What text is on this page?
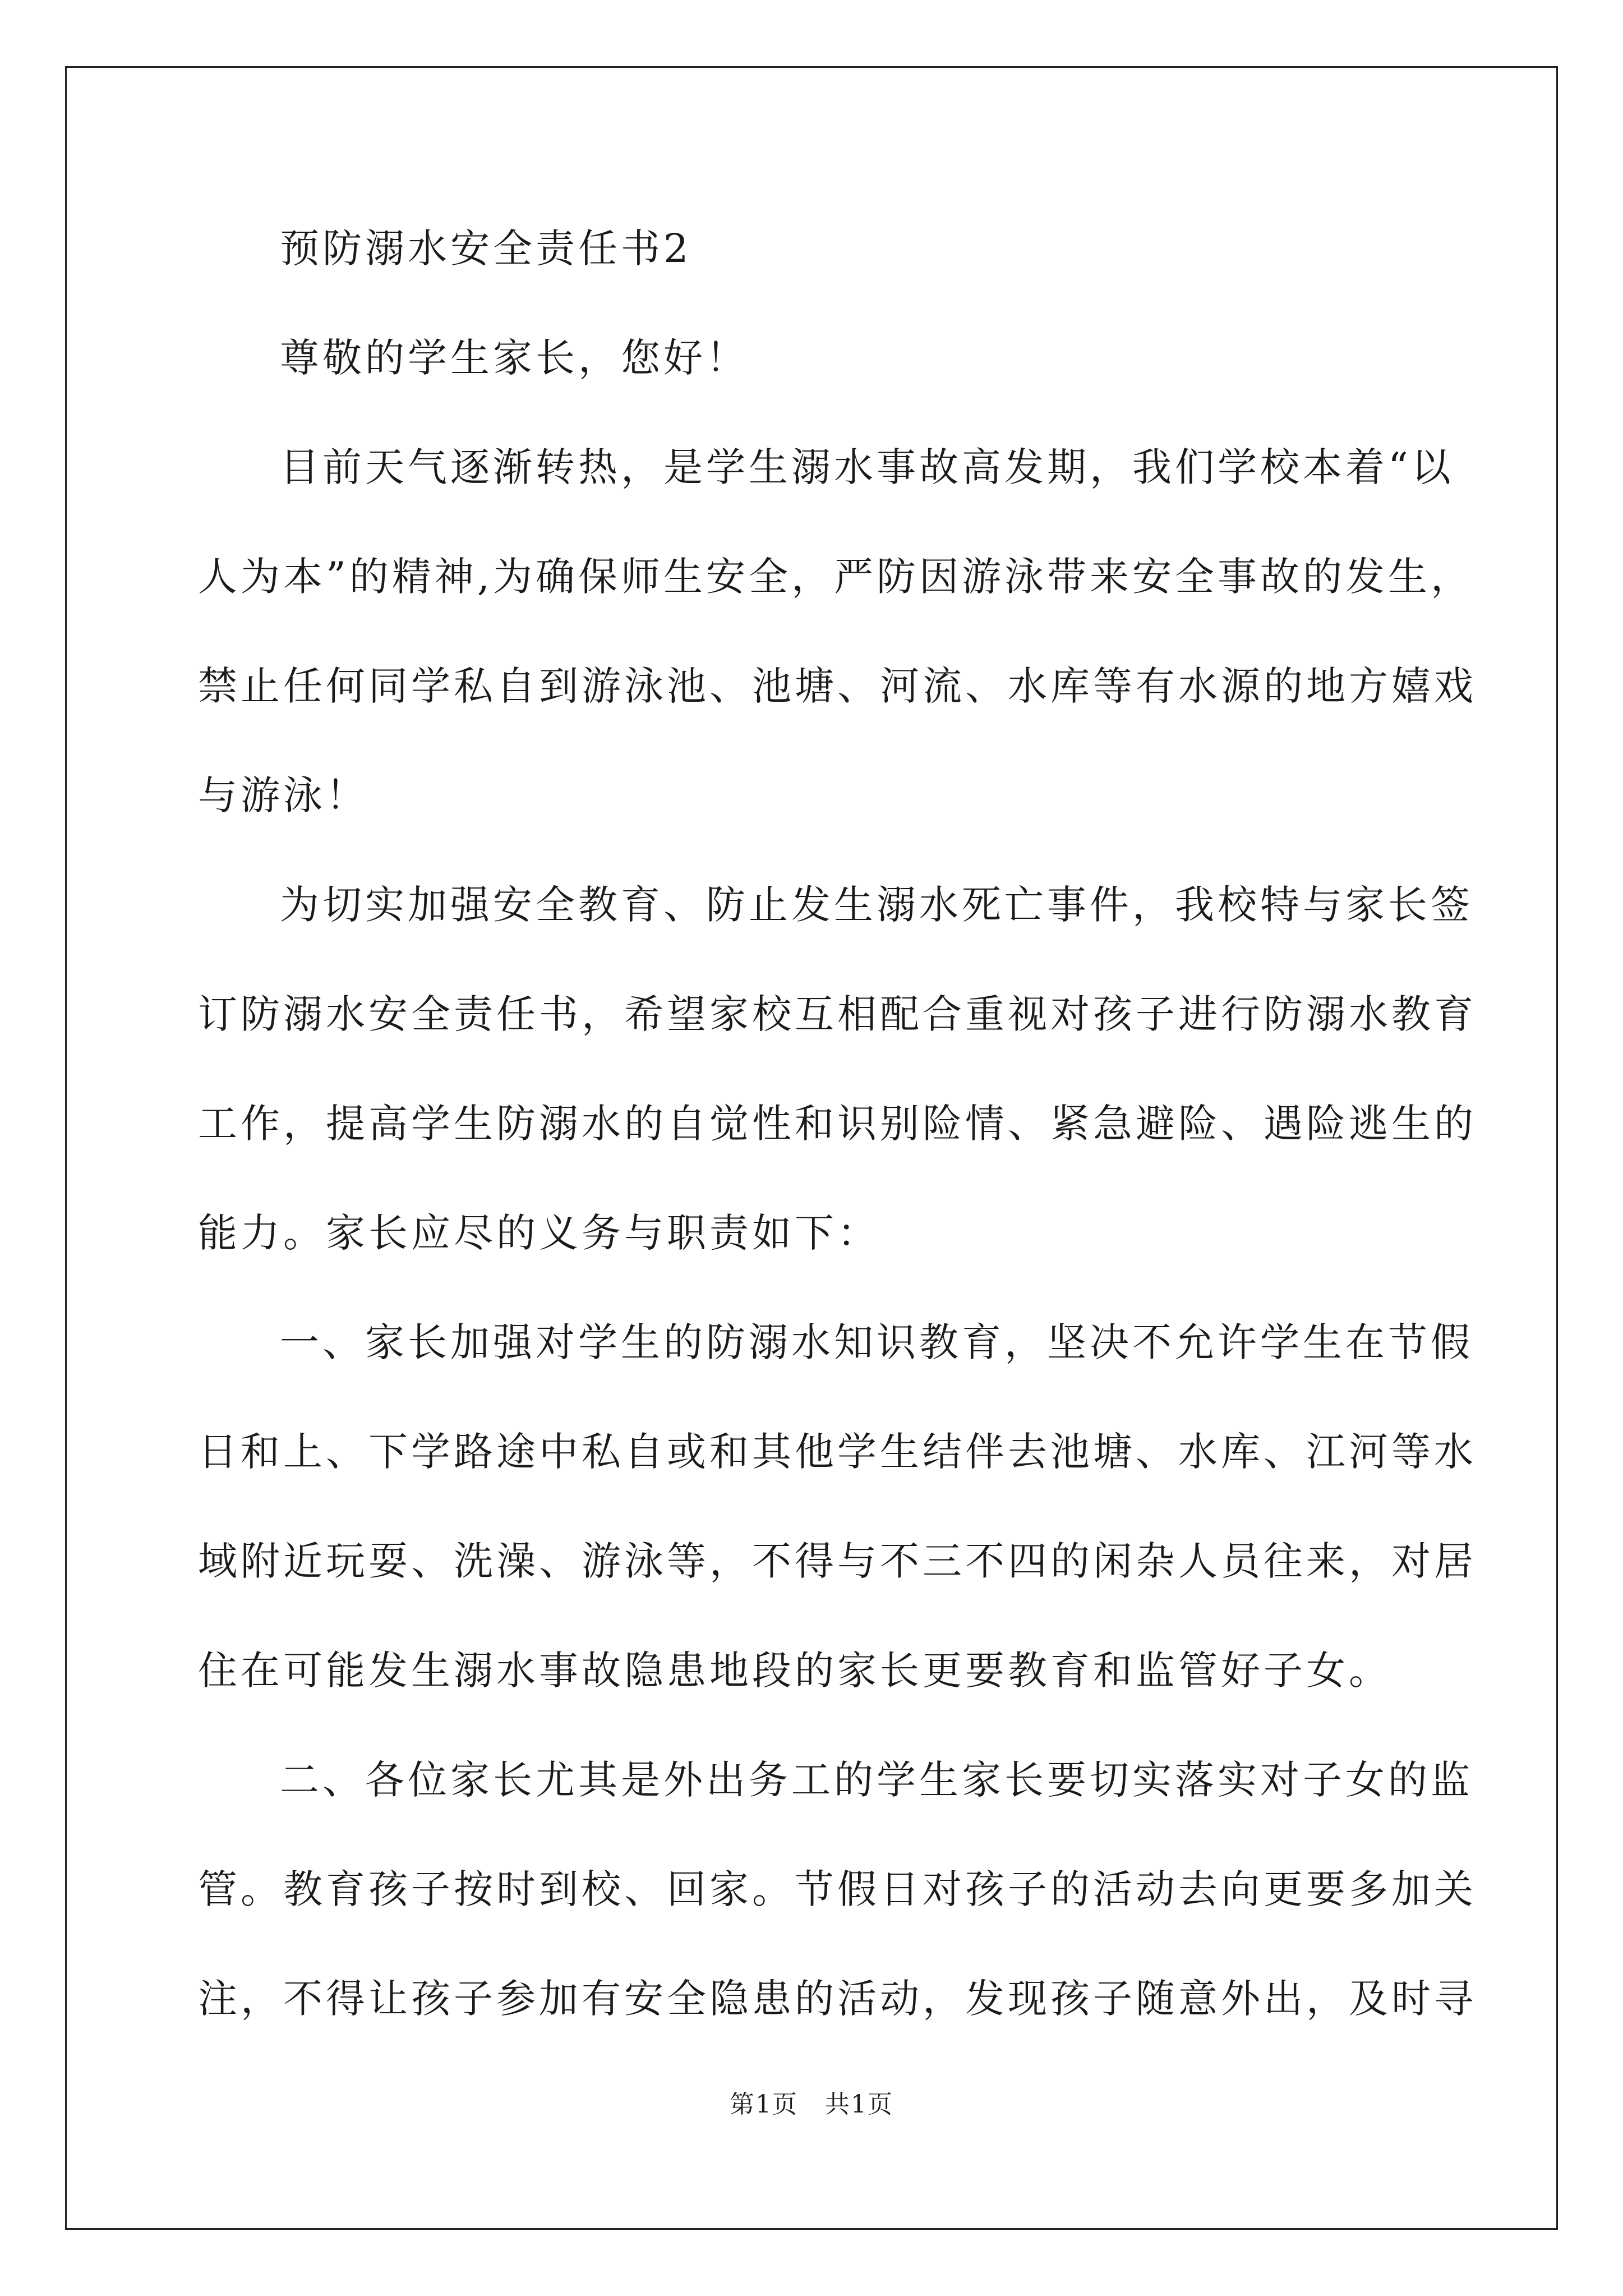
预防溺水安全责任书2
尊敬的学生家长，您好！
目前天气逐渐转热，是学生溺水事故高发期，我们学校本着“以
人为本”的精神,为确保师生安全，严防因游泳带来安全事故的发生，
禁止任何同学私自到游泳池、池塘、河流、水库等有水源的地方嬉戏
与游泳！
为切实加强安全教育、防止发生溺水死亡事件，我校特与家长签
订防溺水安全责任书，希望家校互相配合重视对孩子进行防溺水教育
工作，提高学生防溺水的自觉性和识别险情、紧急避险、遇险逃生的
能力。家长应尽的义务与职责如下：
一、家长加强对学生的防溺水知识教育，坚决不允许学生在节假
日和上、下学路途中私自或和其他学生结伴去池塘、水库、江河等水
域附近玩耍、洗澡、游泳等，不得与不三不四的闲杂人员往来，对居
住在可能发生溺水事故隐患地段的家长更要教育和监管好子女。
二、各位家长尤其是外出务工的学生家长要切实落实对子女的监
管。教育孩子按时到校、回家。节假日对孩子的活动去向更要多加关
注，不得让孩子参加有安全隐患的活动，发现孩子随意外出，及时寻
第1页   共1页
